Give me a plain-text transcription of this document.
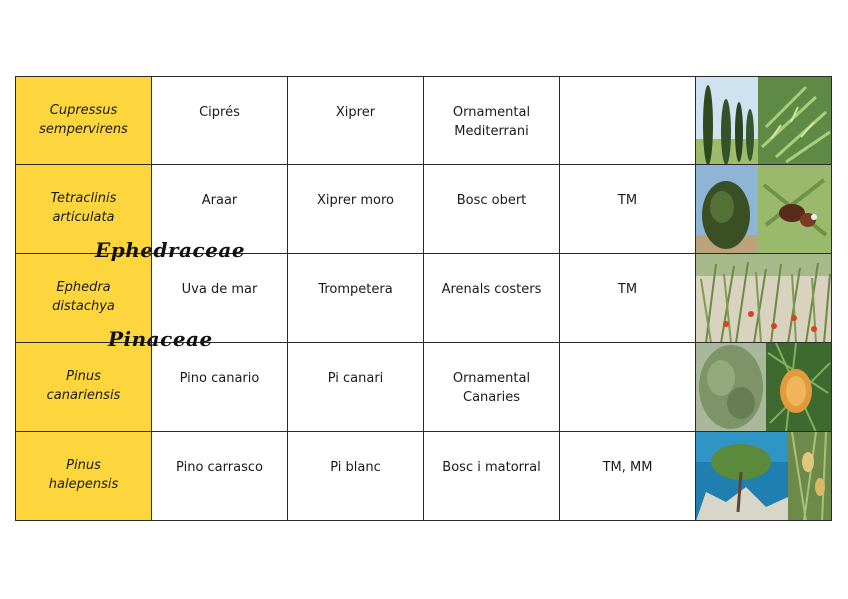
Cupressus
sempervirens
Ciprés	Xiprer	Ornamental
Mediterrani
Tetraclinis
articulata
Araar	Xiprer moro	Bosc obert	TM
Ephedra
distachya
Uva de mar	Trompetera	Arenals costers	TM
Pinus
canariensis
Pino canario	Pi canari	Ornamental
Canaries
Pinus
halepensis
Pino carrasco	Pi blanc	Bosc i matorral	TM, MM
Ephedraceae
Pinaceae
